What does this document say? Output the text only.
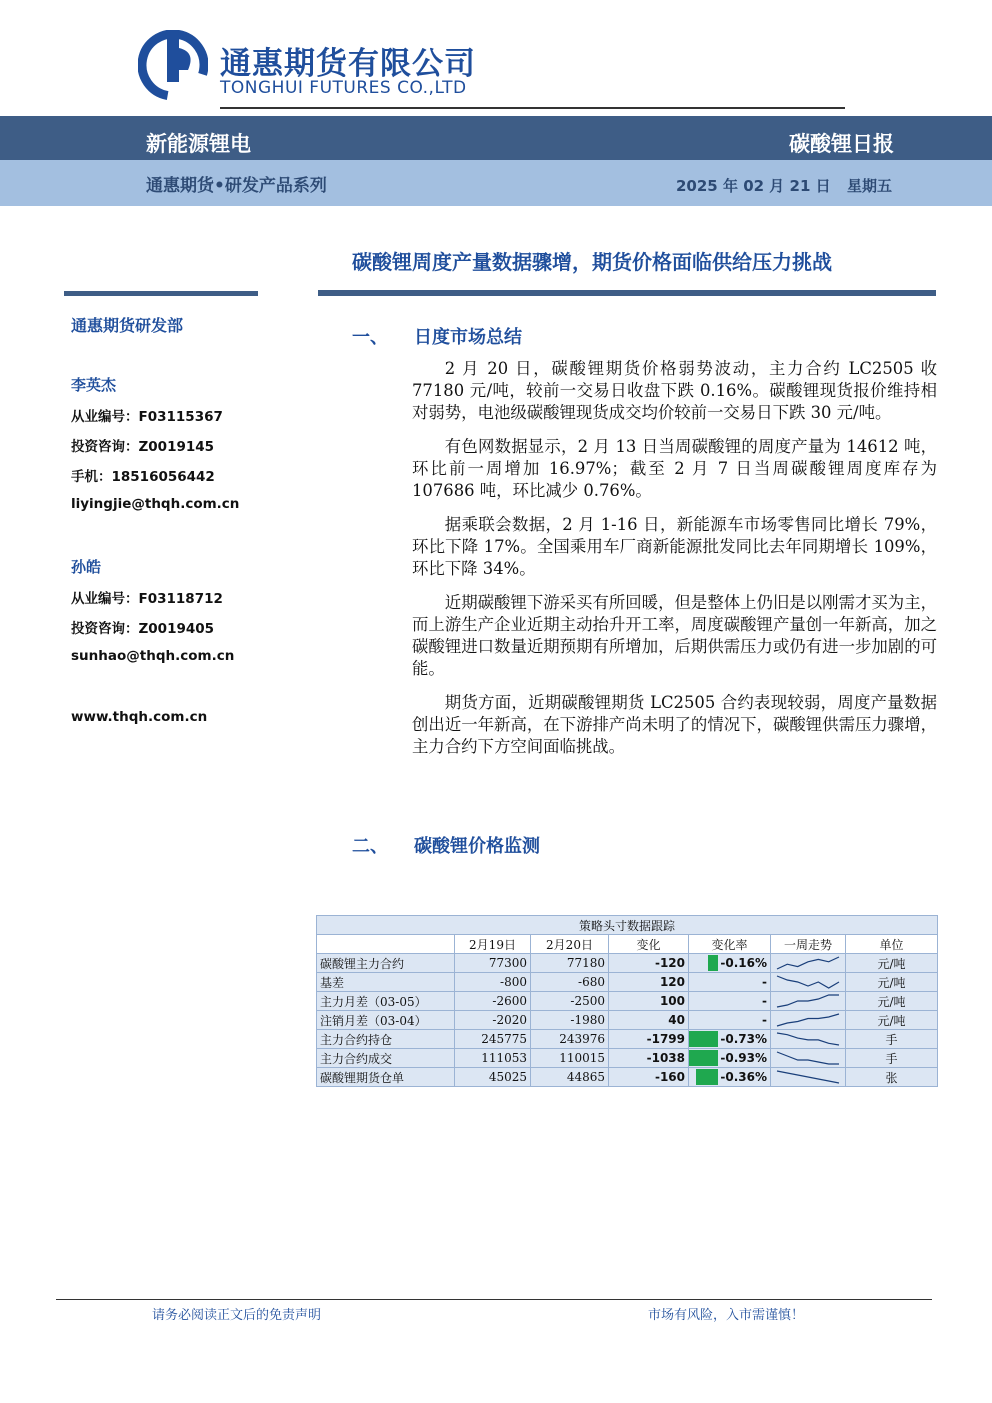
通惠期货有限公司
TONGHUI FUTURES CO.,LTD
新能源锂电	碳酸锂日报
通惠期货•研发产品系列	2025 年 02 月 21 日 星期五
碳酸锂周度产量数据骤增，期货价格面临供给压力挑战
通惠期货研发部
李英杰
从业编号：F03115367
投资咨询：Z0019145
手机：18516056442
liyingjie@thqh.com.cn
孙皓
从业编号：F03118712
投资咨询：Z0019405
sunhao@thqh.com.cn
www.thqh.com.cn
一、 日度市场总结

2 月 20 日，碳酸锂期货价格弱势波动，主力合约 LC2505 收 77180 元/吨，较前一交易日收盘下跌 0.16%。碳酸锂现货报价维持相对弱势，电池级碳酸锂现货成交均价较前一交易日下跌 30 元/吨。

有色网数据显示，2 月 13 日当周碳酸锂的周度产量为 14612 吨，环比前一周增加 16.97%；截至 2 月 7 日当周碳酸锂周度库存为 107686 吨，环比减少 0.76%。

据乘联会数据，2 月 1-16 日，新能源车市场零售同比增长 79%，环比下降 17%。全国乘用车厂商新能源批发同比去年同期增长 109%，环比下降 34%。

近期碳酸锂下游采买有所回暖，但是整体上仍旧是以刚需才买为主，而上游生产企业近期主动抬升开工率，周度碳酸锂产量创一年新高，加之碳酸锂进口数量近期预期有所增加，后期供需压力或仍有进一步加剧的可能。

期货方面，近期碳酸锂期货 LC2505 合约表现较弱，周度产量数据创出近一年新高，在下游排产尚未明了的情况下，碳酸锂供需压力骤增，主力合约下方空间面临挑战。

二、 碳酸锂价格监测
策略头寸数据跟踪						
	2月19日	2月20日	变化	变化率	一周走势	单位
碳酸锂主力合约	77300	77180	-120	-0.16%		元/吨
基差	-800	-680	120	-		元/吨
主力月差（03-05）	-2600	-2500	100	-		元/吨
注销月差（03-04）	-2020	-1980	40	-		元/吨
主力合约持仓	245775	243976	-1799	-0.73%		手
主力合约成交	111053	110015	-1038	-0.93%		手
碳酸锂期货仓单	45025	44865	-160	-0.36%		张
请务必阅读正文后的免责声明	市场有风险，入市需谨慎！
